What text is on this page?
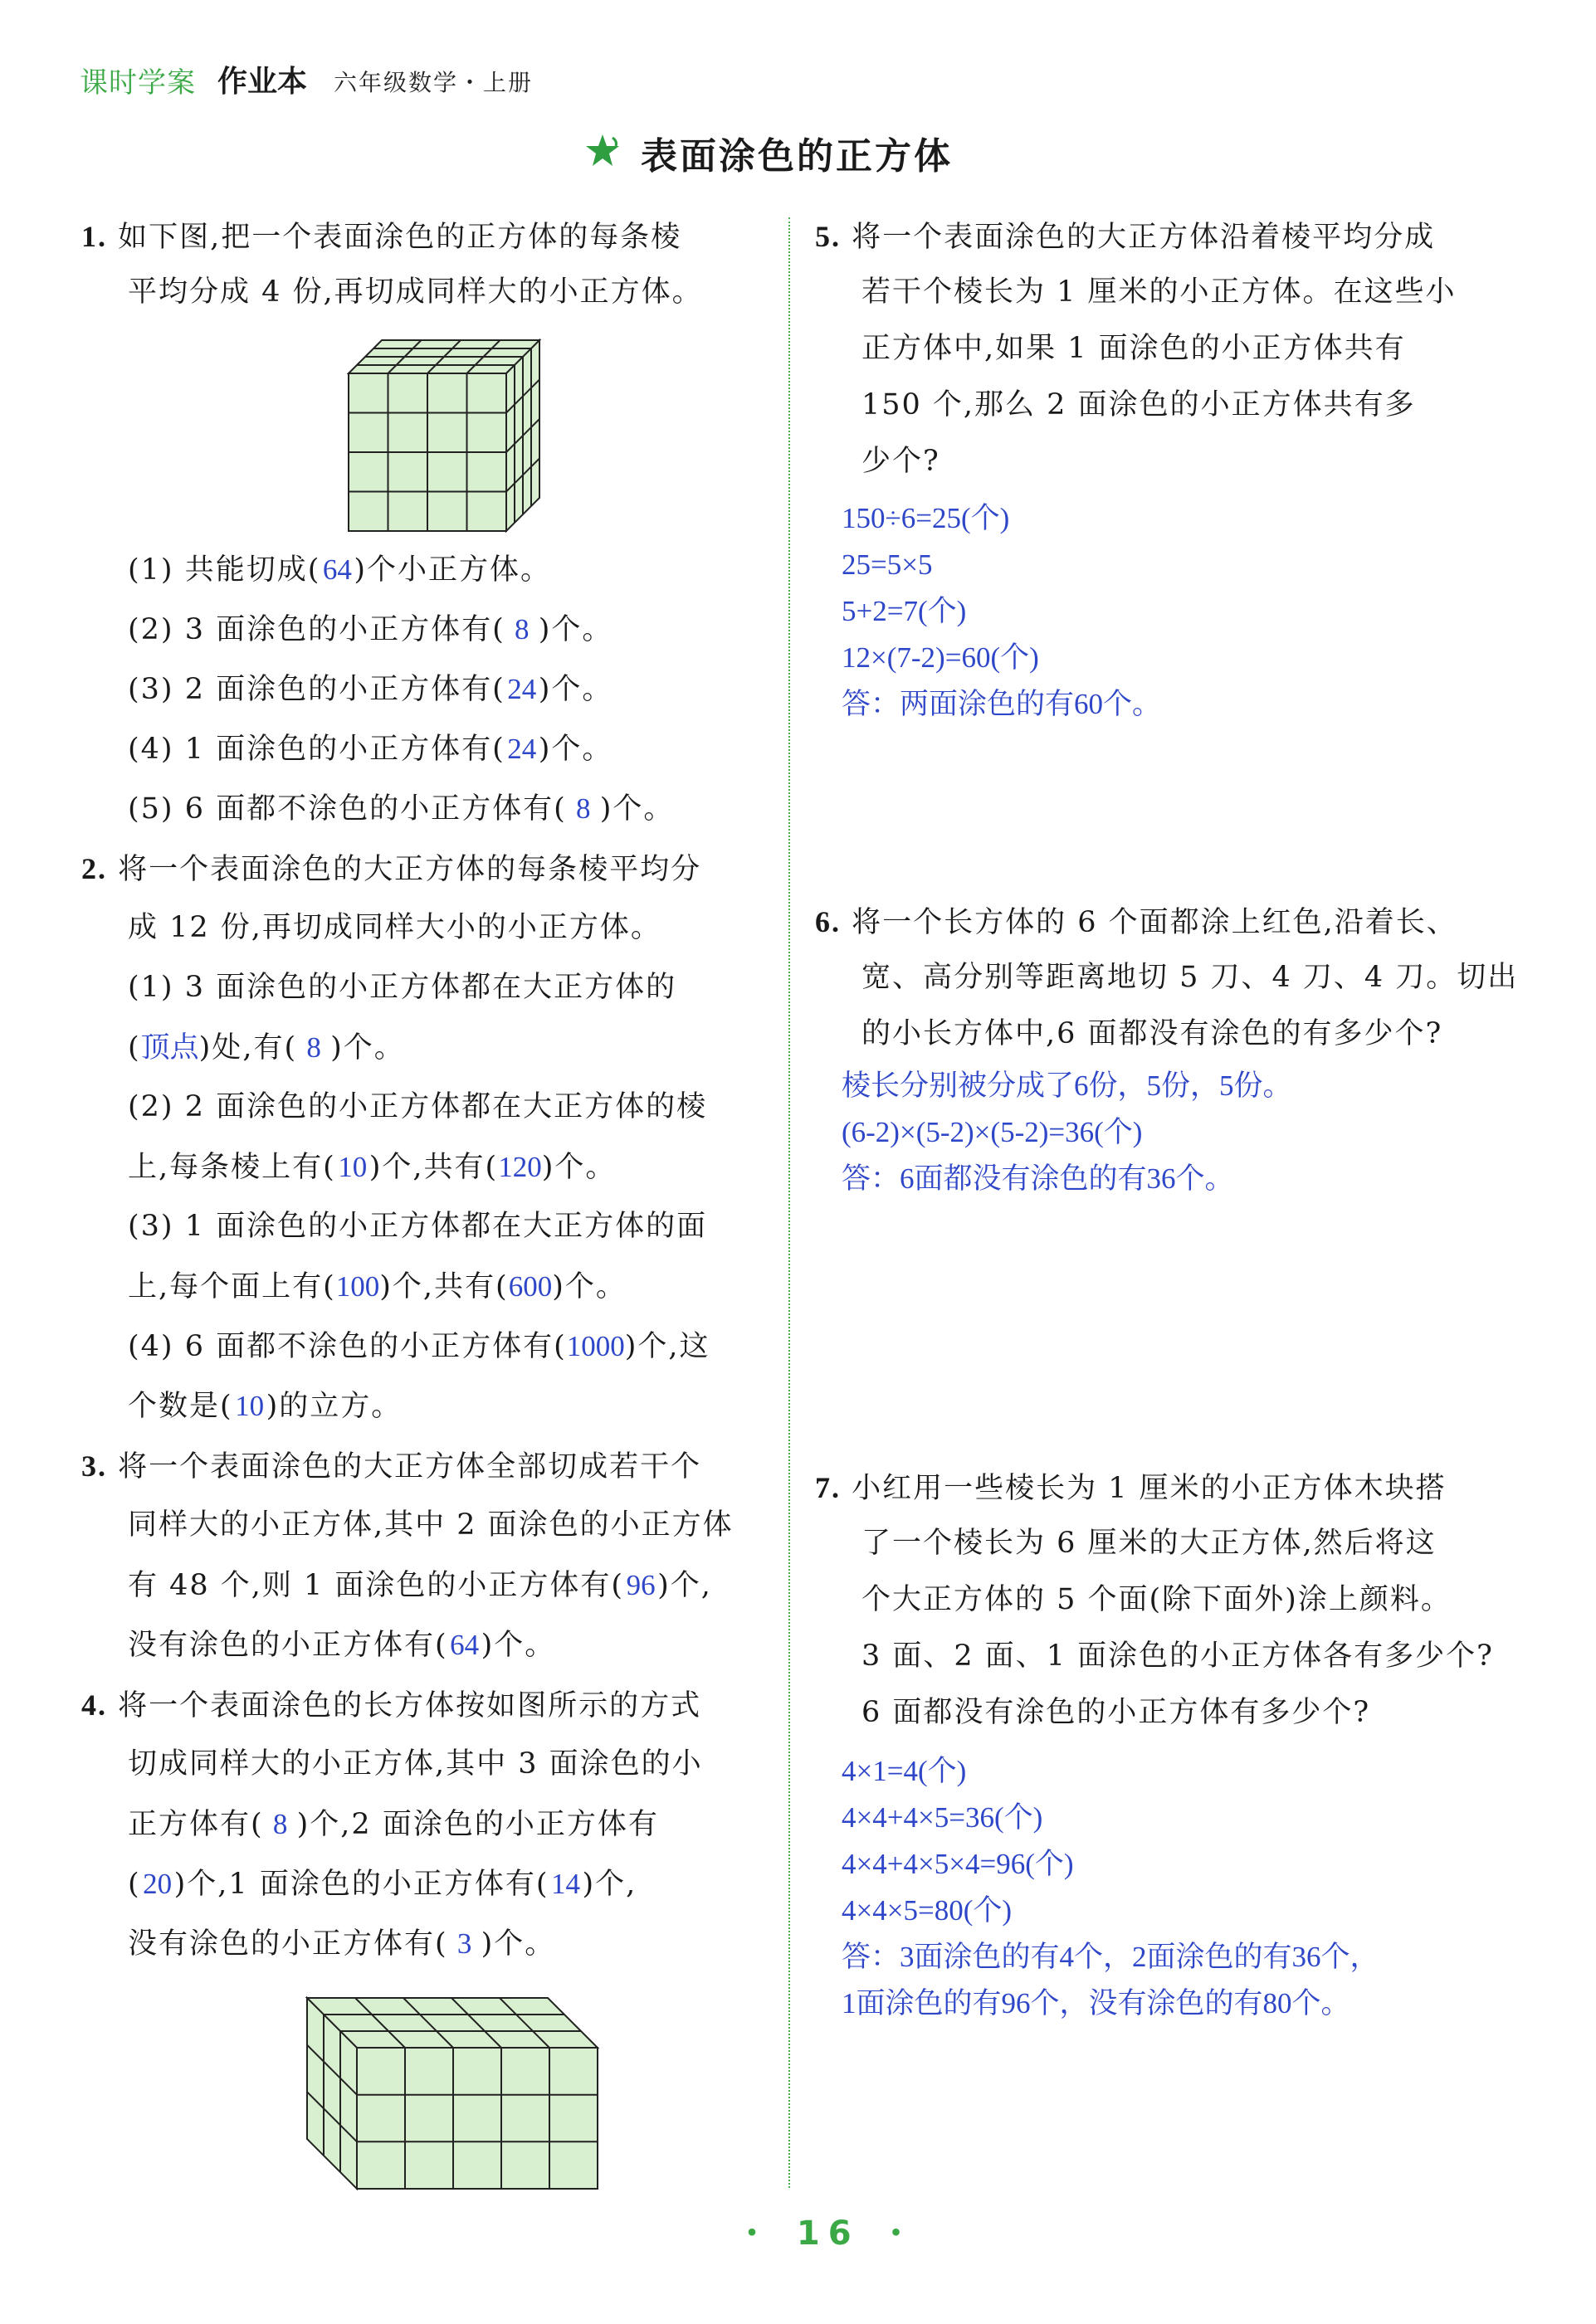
课时学案 作业本 六年级数学・上册
表面涂色的正方体
1. 如下图,把一个表面涂色的正方体的每条棱
平均分成 4 份,再切成同样大的小正方体。
(1) 共能切成(64)个小正方体。
(2) 3 面涂色的小正方体有( 8 )个。
(3) 2 面涂色的小正方体有(24)个。
(4) 1 面涂色的小正方体有(24)个。
(5) 6 面都不涂色的小正方体有( 8 )个。
2. 将一个表面涂色的大正方体的每条棱平均分
成 12 份,再切成同样大小的小正方体。
(1) 3 面涂色的小正方体都在大正方体的
(顶点)处,有( 8 )个。
(2) 2 面涂色的小正方体都在大正方体的棱
上,每条棱上有(10)个,共有(120)个。
(3) 1 面涂色的小正方体都在大正方体的面
上,每个面上有(100)个,共有(600)个。
(4) 6 面都不涂色的小正方体有(1000)个,这
个数是(10)的立方。
3. 将一个表面涂色的大正方体全部切成若干个
同样大的小正方体,其中 2 面涂色的小正方体
有 48 个,则 1 面涂色的小正方体有(96)个,
没有涂色的小正方体有(64)个。
4. 将一个表面涂色的长方体按如图所示的方式
切成同样大的小正方体,其中 3 面涂色的小
正方体有( 8 )个,2 面涂色的小正方体有
(20)个,1 面涂色的小正方体有(14)个,
没有涂色的小正方体有( 3 )个。
5. 将一个表面涂色的大正方体沿着棱平均分成
若干个棱长为 1 厘米的小正方体。在这些小
正方体中,如果 1 面涂色的小正方体共有
150 个,那么 2 面涂色的小正方体共有多
少个?
150÷6=25(个)
25=5×5
5+2=7(个)
12×(7-2)=60(个)
答：两面涂色的有60个。
6. 将一个长方体的 6 个面都涂上红色,沿着长、
宽、高分别等距离地切 5 刀、4 刀、4 刀。切出
的小长方体中,6 面都没有涂色的有多少个?
棱长分别被分成了6份，5份，5份。
(6-2)×(5-2)×(5-2)=36(个)
答：6面都没有涂色的有36个。
7. 小红用一些棱长为 1 厘米的小正方体木块搭
了一个棱长为 6 厘米的大正方体,然后将这
个大正方体的 5 个面(除下面外)涂上颜料。
3 面、2 面、1 面涂色的小正方体各有多少个?
6 面都没有涂色的小正方体有多少个?
4×1=4(个)
4×4+4×5=36(个)
4×4+4×5×4=96(个)
4×4×5=80(个)
答：3面涂色的有4个，2面涂色的有36个，
1面涂色的有96个，没有涂色的有80个。
・ 16 ・
